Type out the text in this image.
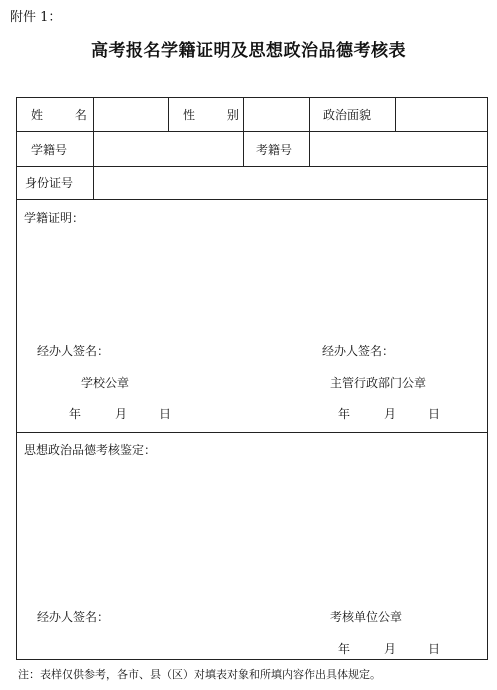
附件 1：
高考报名学籍证明及思想政治品德考核表
姓 名	性 别	政治面貌
学籍号	考籍号
身份证号
学籍证明：
经办人签名：
学校公章
年	月	日
经办人签名：
主管行政部门公章
年	月	日
思想政治品德考核鉴定：
经办人签名：	考核单位公章
年	月	日
注：表样仅供参考，各市、县（区）对填表对象和所填内容作出具体规定。
